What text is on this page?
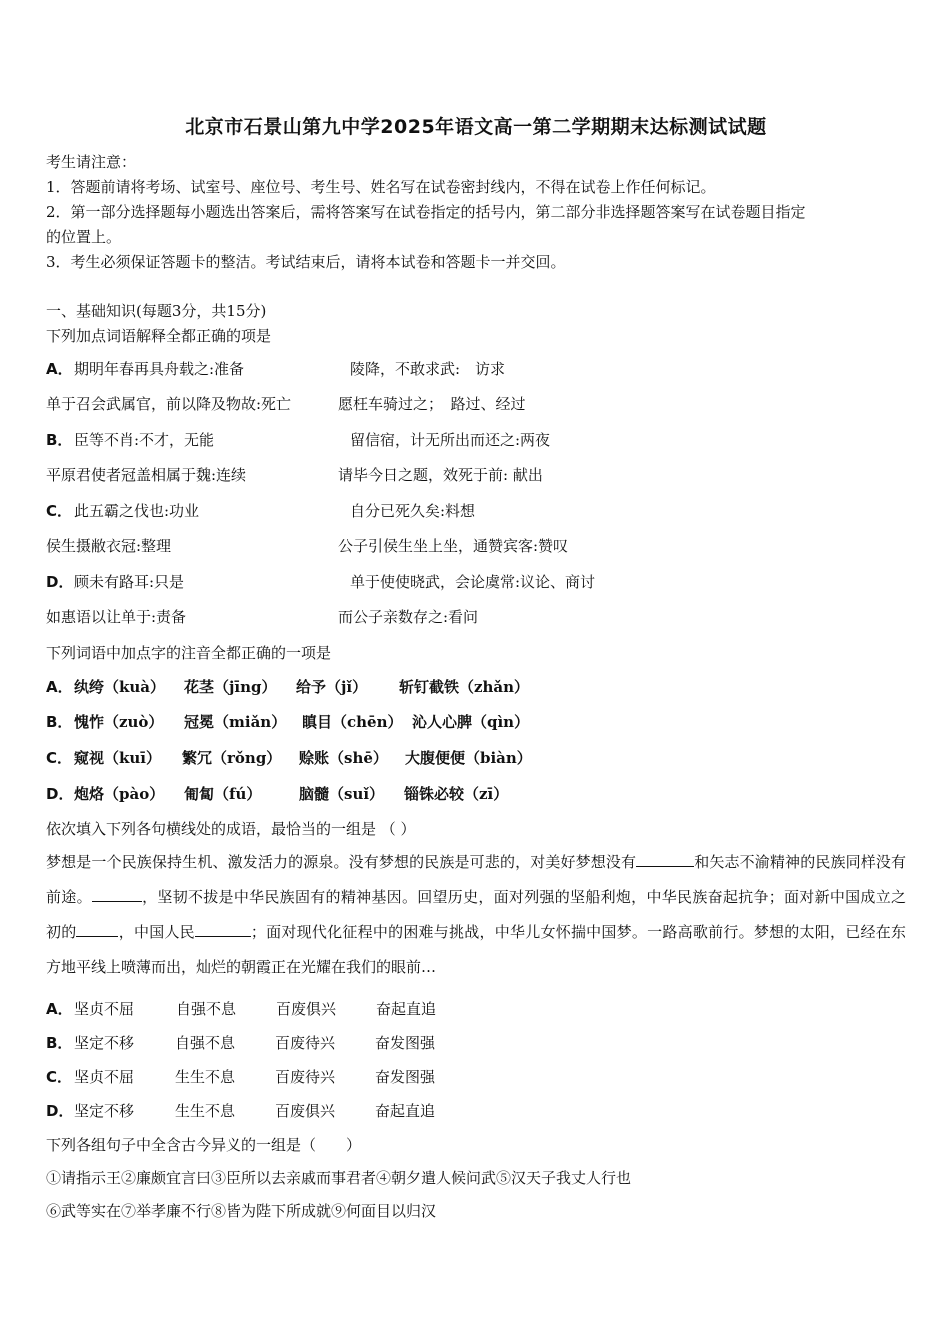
北京市石景山第九中学2025年语文高一第二学期期末达标测试试题
考生请注意：
1．答题前请将考场、试室号、座位号、考生号、姓名写在试卷密封线内，不得在试卷上作任何标记。
2．第一部分选择题每小题选出答案后，需将答案写在试卷指定的括号内，第二部分非选择题答案写在试卷题目指定
的位置上。
3．考生必须保证答题卡的整洁。考试结束后，请将本试卷和答题卡一并交回。
一、基础知识(每题3分，共15分)
下列加点词语解释全都正确的项是
A． 期明年春再具舟载之:准备	陵降，不敢求武:　访求
单于召会武属官，前以降及物故:死亡	愿枉车骑过之；　路过、经过
B． 臣等不肖:不才，无能	留信宿，计无所出而还之:两夜
平原君使者冠盖相属于魏:连续	请毕今日之题，效死于前: 献出
C． 此五霸之伐也:功业	自分已死久矣:料想
侯生摄敝衣冠:整理	公子引侯生坐上坐，通赞宾客:赞叹
D． 顾未有路耳:只是	单于使使晓武，会论虞常:议论、商讨
如惠语以让单于:责备	而公子亲数存之:看问
下列词语中加点字的注音全都正确的一项是
A． 纨绔（kuà） 花茎（jīng） 给予（jǐ） 斩钉截铁（zhǎn）
B． 愧怍（zuò） 冠冕（miǎn） 瞋目（chēn） 沁人心脾（qìn）
C． 窥视（kuī） 繁冗（rǒng） 赊账（shē） 大腹便便（biàn）
D． 炮烙（pào） 匍匐（fú）	脑髓（suǐ） 锱铢必较（zī）
依次填入下列各句横线处的成语，最恰当的一组是 （ ）
梦想是一个民族保持生机、激发活力的源泉。没有梦想的民族是可悲的，对美好梦想没有	和矢志不渝精神的民族同样没有前途。	，坚韧不拔是中华民族固有的精神基因。回望历史，面对列强的坚船利炮，中华民族奋起抗争；面对新中国成立之初的	，中国人民	；面对现代化征程中的困难与挑战，中华儿女怀揣中国梦。一路高歌前行。梦想的太阳，已经在东方地平线上喷薄而出，灿烂的朝霞正在光耀在我们的眼前…
A． 坚贞不屈	自强不息	百废俱兴	奋起直追
B． 坚定不移	自强不息	百废待兴	奋发图强
C． 坚贞不屈	生生不息	百废待兴	奋发图强
D． 坚定不移	生生不息	百废俱兴	奋起直追
下列各组句子中全含古今异义的一组是（　　）
①请指示王②廉颇宜言曰③臣所以去亲戚而事君者④朝夕遣人候问武⑤汉天子我丈人行也
⑥武等实在⑦举孝廉不行⑧皆为陛下所成就⑨何面目以归汉
